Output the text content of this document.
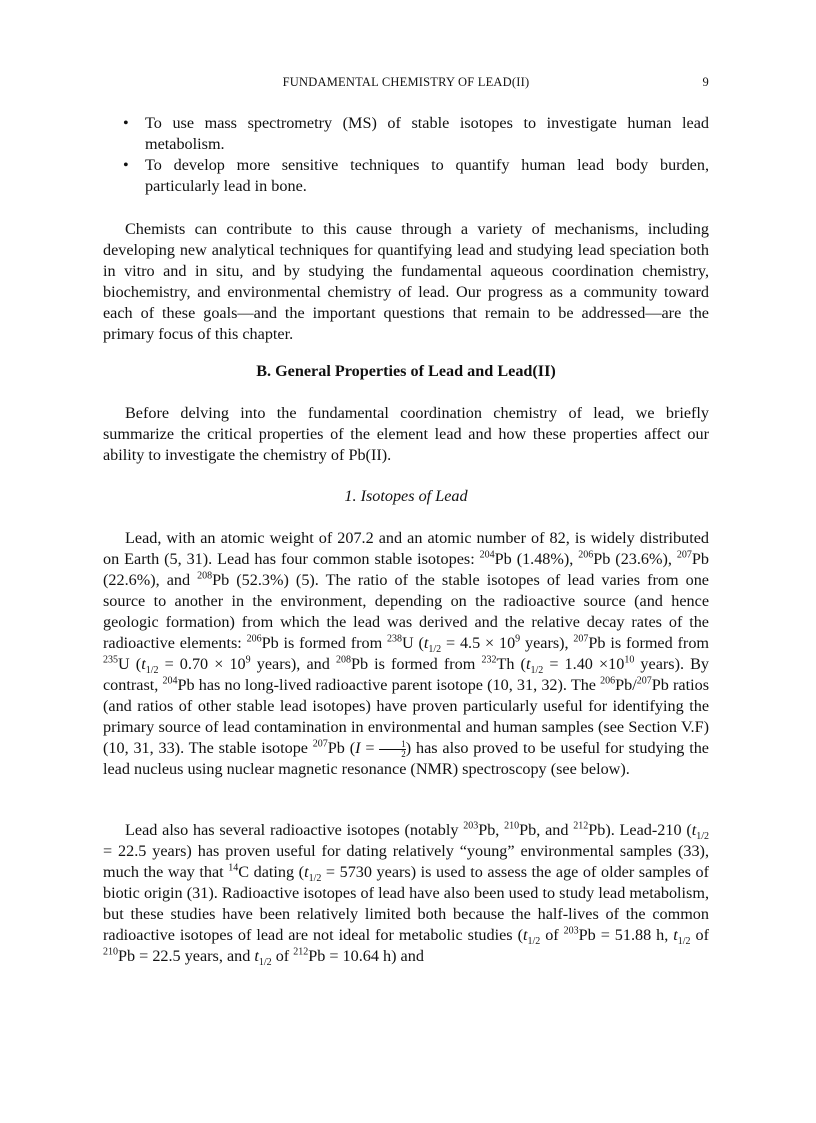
FUNDAMENTAL CHEMISTRY OF LEAD(II)	9
•	To use mass spectrometry (MS) of stable isotopes to investigate human lead metabolism.
•	To develop more sensitive techniques to quantify human lead body burden, particularly lead in bone.

Chemists can contribute to this cause through a variety of mechanisms, including developing new analytical techniques for quantifying lead and studying lead speciation both in vitro and in situ, and by studying the fundamental aqueous coordination chemistry, biochemistry, and environmental chemistry of lead. Our progress as a community toward each of these goals—and the important questions that remain to be addressed—are the primary focus of this chapter.

B. General Properties of Lead and Lead(II)

Before delving into the fundamental coordination chemistry of lead, we briefly summarize the critical properties of the element lead and how these properties affect our ability to investigate the chemistry of Pb(II).

1. Isotopes of Lead

Lead, with an atomic weight of 207.2 and an atomic number of 82, is widely distributed on Earth (5, 31). Lead has four common stable isotopes: $^{204}$Pb (1.48%), $^{206}$Pb (23.6%), $^{207}$Pb (22.6%), and $^{208}$Pb (52.3%) (5). The ratio of the stable isotopes of lead varies from one source to another in the environment, depending on the radioactive source (and hence geologic formation) from which the lead was derived and the relative decay rates of the radioactive elements: $^{206}$Pb is formed from $^{238}$U ($t_{1/2} = 4.5 \times 10^9$ years), $^{207}$Pb is formed from $^{235}$U ($t_{1/2} = 0.70 \times 10^9$ years), and $^{208}$Pb is formed from $^{232}$Th ($t_{1/2} = 1.40 \times 10^{10}$ years). By contrast, $^{204}$Pb has no long-lived radioactive parent isotope (10, 31, 32). The $^{206}$Pb/$^{207}$Pb ratios (and ratios of other stable lead isotopes) have proven particularly useful for identifying the primary source of lead contamination in environmental and human samples (see Section V.F) (10, 31, 33). The stable isotope $^{207}$Pb ($I = \frac{1}{2}$ ) has also proved to be useful for studying the lead nucleus using nuclear magnetic resonance (NMR) spectroscopy (see below).

Lead also has several radioactive isotopes (notably $^{203}$Pb, $^{210}$Pb, and $^{212}$Pb). Lead-210 ($t_{1/2} = 22.5$ years) has proven useful for dating relatively “young” environmental samples (33), much the way that $^{14}$C dating ($t_{1/2} = 5730$ years) is used to assess the age of older samples of biotic origin (31). Radioactive isotopes of lead have also been used to study lead metabolism, but these studies have been relatively limited both because the half-lives of the common radioactive isotopes of lead are not ideal for metabolic studies ($t_{1/2}$ of $^{203}$Pb = 51.88 h, $t_{1/2}$ of $^{210}$Pb = 22.5 years, and $t_{1/2}$ of $^{212}$Pb = 10.64 h) and
